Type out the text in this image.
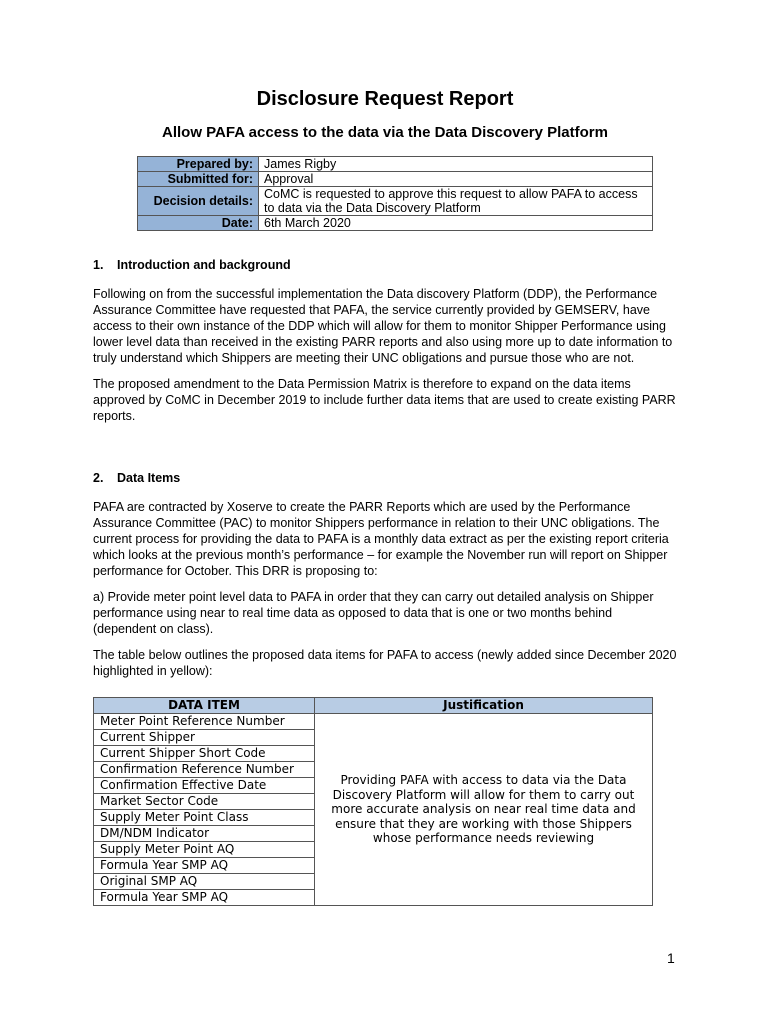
Disclosure Request Report
Allow PAFA access to the data via the Data Discovery Platform
Prepared by:	James Rigby
Submitted for:	Approval
Decision details:	CoMC is requested to approve this request to allow PAFA to access to data via the Data Discovery Platform
Date:	6th March 2020
1. Introduction and background

Following on from the successful implementation the Data discovery Platform (DDP), the Performance Assurance Committee have requested that PAFA, the service currently provided by GEMSERV, have access to their own instance of the DDP which will allow for them to monitor Shipper Performance using lower level data than received in the existing PARR reports and also using more up to date information to truly understand which Shippers are meeting their UNC obligations and pursue those who are not.

The proposed amendment to the Data Permission Matrix is therefore to expand on the data items approved by CoMC in December 2019 to include further data items that are used to create existing PARR reports.

2. Data Items

PAFA are contracted by Xoserve to create the PARR Reports which are used by the Performance Assurance Committee (PAC) to monitor Shippers performance in relation to their UNC obligations. The current process for providing the data to PAFA is a monthly data extract as per the existing report criteria which looks at the previous month’s performance – for example the November run will report on Shipper performance for October. This DRR is proposing to:

a) Provide meter point level data to PAFA in order that they can carry out detailed analysis on Shipper performance using near to real time data as opposed to data that is one or two months behind (dependent on class).

The table below outlines the proposed data items for PAFA to access (newly added since December 2020 highlighted in yellow):

DATA ITEM	Justification
Meter Point Reference Number	Providing PAFA with access to data via the Data Discovery Platform will allow for them to carry out more accurate analysis on near real time data and ensure that they are working with those Shippers whose performance needs reviewing
Current Shipper	
Current Shipper Short Code	
Confirmation Reference Number	
Confirmation Effective Date	
Market Sector Code	
Supply Meter Point Class	
DM/NDM Indicator	
Supply Meter Point AQ	
Formula Year SMP AQ	
Original SMP AQ	
Formula Year SMP AQ	
1
